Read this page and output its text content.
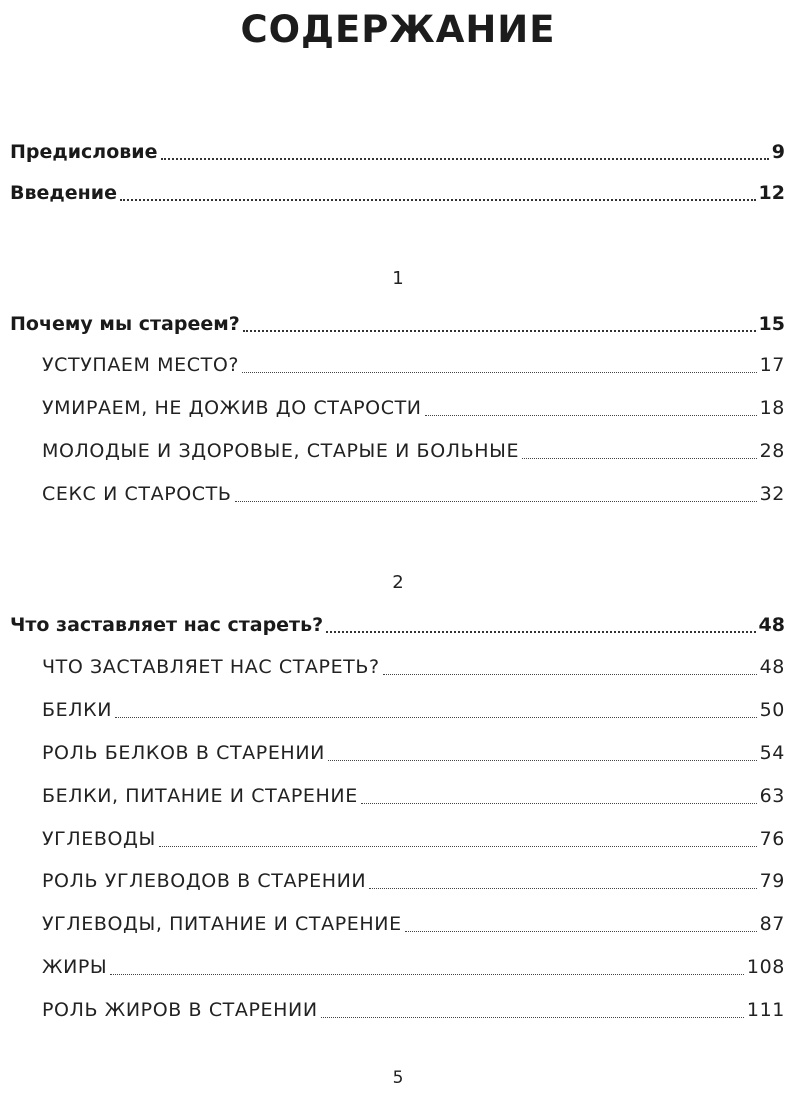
СОДЕРЖАНИЕ
Предисловие	9
Введение	12
1
Почему мы стареем?	15
УСТУПАЕМ МЕСТО?	17
УМИРАЕМ, НЕ ДОЖИВ ДО СТАРОСТИ	18
МОЛОДЫЕ И ЗДОРОВЫЕ, СТАРЫЕ И БОЛЬНЫЕ	28
СЕКС И СТАРОСТЬ	32
2
Что заставляет нас стареть?	48
ЧТО ЗАСТАВЛЯЕТ НАС СТАРЕТЬ?	48
БЕЛКИ	50
РОЛЬ БЕЛКОВ В СТАРЕНИИ	54
БЕЛКИ, ПИТАНИЕ И СТАРЕНИЕ	63
УГЛЕВОДЫ	76
РОЛЬ УГЛЕВОДОВ В СТАРЕНИИ	79
УГЛЕВОДЫ, ПИТАНИЕ И СТАРЕНИЕ	87
ЖИРЫ	108
РОЛЬ ЖИРОВ В СТАРЕНИИ	111
5
